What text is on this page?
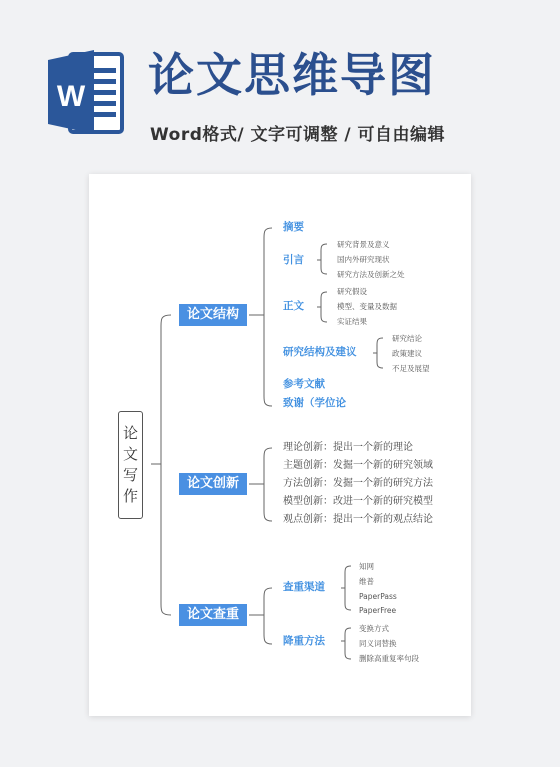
W 论文思维导图
Word格式/ 文字可调整 / 可自由编辑
论
文
写
作
论文结构
论文创新
论文查重
摘要
引言
研究背景及意义
国内外研究现状
研究方法及创新之处
正文
研究假设
模型、变量及数据
实证结果
研究结构及建议
研究结论
政策建议
不足及展望
参考文献
致谢（学位论
理论创新：提出一个新的理论
主题创新：发掘一个新的研究领域
方法创新：发掘一个新的研究方法
模型创新：改进一个新的研究模型
观点创新：提出一个新的观点结论
查重渠道
知网
维普
PaperPass
PaperFree
降重方法
变换方式
同义词替换
删除高重复率句段
